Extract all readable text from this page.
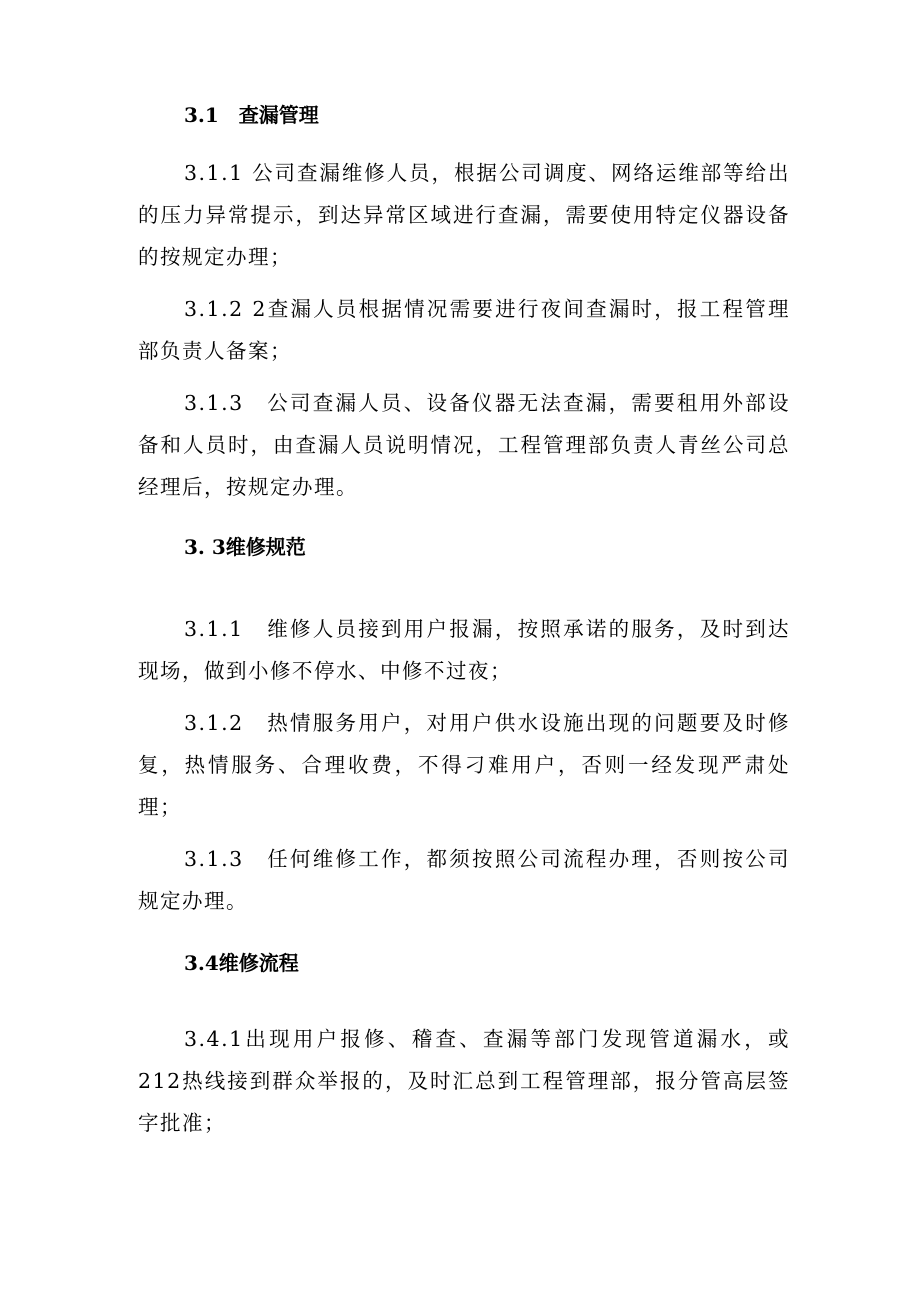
3.1　查漏管理

3.1.1 公司查漏维修人员，根据公司调度、网络运维部等给出的压力异常提示，到达异常区域进行查漏，需要使用特定仪器设备的按规定办理；

3.1.2 2查漏人员根据情况需要进行夜间查漏时，报工程管理部负责人备案；

3.1.3　公司查漏人员、设备仪器无法查漏，需要租用外部设备和人员时，由查漏人员说明情况，工程管理部负责人青丝公司总经理后，按规定办理。

3. 3维修规范

3.1.1　维修人员接到用户报漏，按照承诺的服务，及时到达现场，做到小修不停水、中修不过夜；

3.1.2　热情服务用户，对用户供水设施出现的问题要及时修复，热情服务、合理收费，不得刁难用户，否则一经发现严肃处理；

3.1.3　任何维修工作，都须按照公司流程办理，否则按公司规定办理。

3.4维修流程

3.4.1出现用户报修、稽查、查漏等部门发现管道漏水，或212热线接到群众举报的，及时汇总到工程管理部，报分管高层签字批准；
